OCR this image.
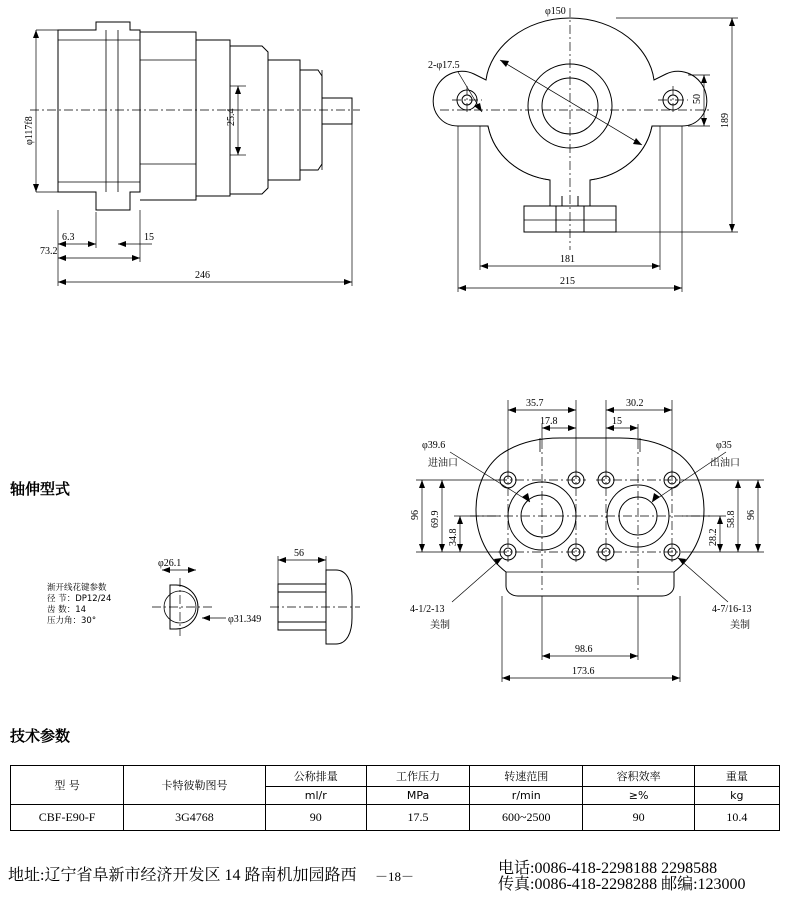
φ117f8	25.4
6.3	15
73.2
246
φ150
2-φ17.5
50
189
181
215
35.7	30.2
17.8	15
φ39.6
进油口
φ35
出油口
96 69.9
34.8
96
58.8
28.2
4-1/2-13
美制
4-7/16-13
美制
98.6
173.6
轴伸型式
φ26.1
φ31.349
56
渐开线花键参数
径 节：DP12/24
齿 数：14
压力角：30°
技术参数
型 号	卡特彼勒图号	公称排量	工作压力	转速范围	容积效率	重量
		ml/r	MPa	r/min	≥%	kg
CBF-E90-F	3G4768	90	17.5	600~2500	90	10.4
地址:辽宁省阜新市经济开发区 14 路南机加园路西 －18－	电话:0086-418-2298188 2298588
传真:0086-418-2298288 邮编:123000
